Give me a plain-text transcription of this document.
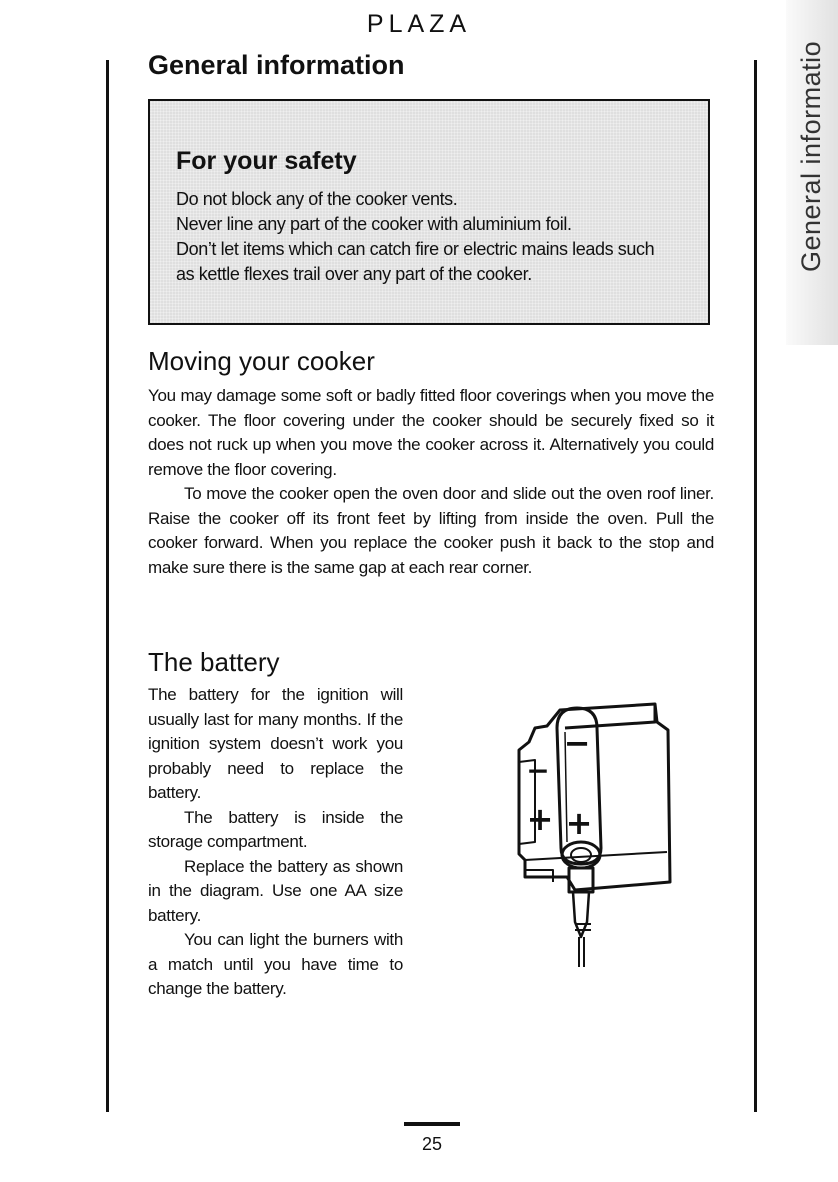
PLAZA
General informatio
General information
For your safety
Do not block any of the cooker vents.
Never line any part of the cooker with aluminium foil.
Don’t let items which can catch fire or electric mains leads such
as kettle flexes trail over any part of the cooker.
Moving your cooker

You may damage some soft or badly fitted floor coverings when you move the cooker. The floor covering under the cooker should be securely fixed so it does not ruck up when you move the cooker across it. Alternatively you could remove the floor covering.

To move the cooker open the oven door and slide out the oven roof liner. Raise the cooker off its front feet by lifting from inside the oven. Pull the cooker forward. When you replace the cooker push it back to the stop and make sure there is the same gap at each rear corner.

The battery

The battery for the ignition will usually last for many months. If the ignition system doesn’t work you probably need to replace the battery.

The battery is inside the storage compartment.

Replace the battery as shown in the diagram. Use one AA size battery.

You can light the burners with a match until you have time to change the battery.

−
−
+ +
25
